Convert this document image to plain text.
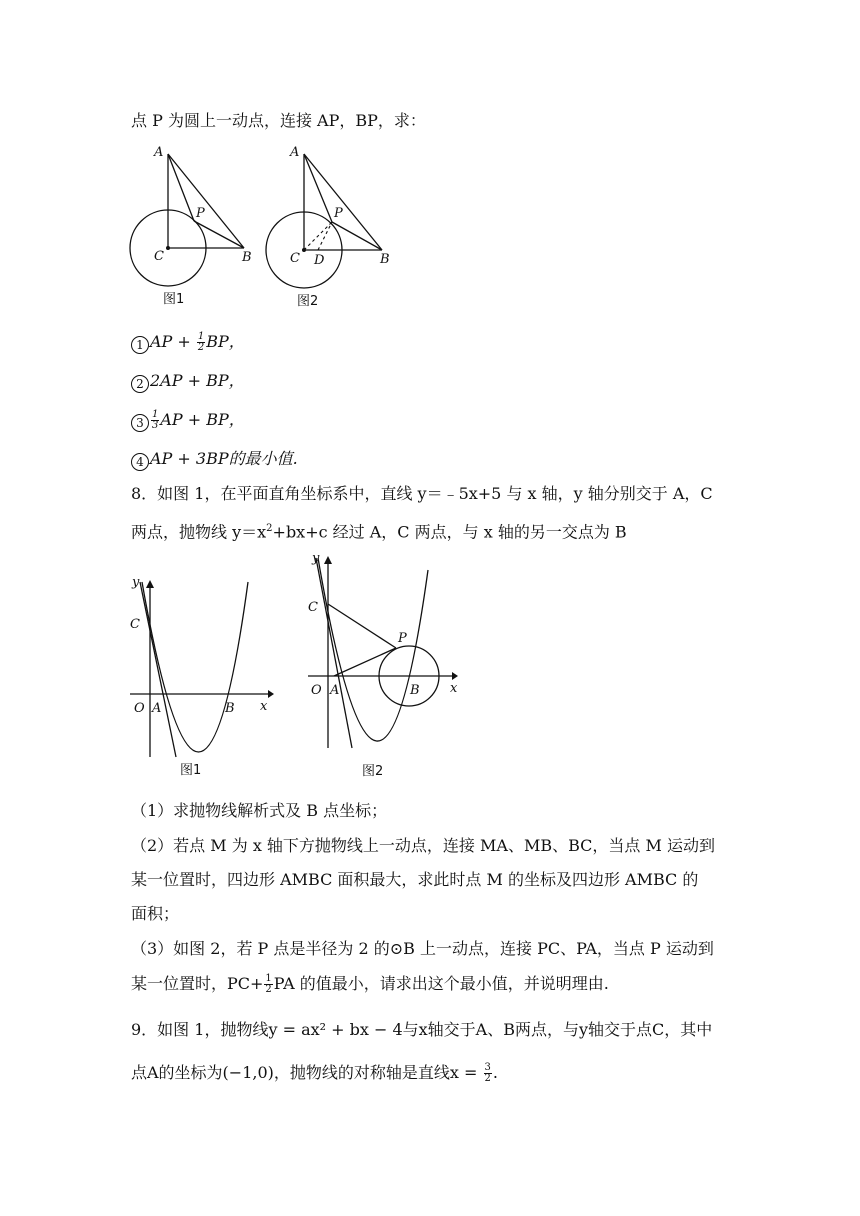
点 P 为圆上一动点，连接 AP，BP，求：
A
P
C	B
图1
A
P
C D	B
图2
1 AP + $\frac{1}{2}$ BP，
2 2AP + BP，
$3 \frac{1}{3}$ AP + BP，
4 AP + 3BP的最小值.
8．如图 1，在平面直角坐标系中，直线 y＝﹣5x+5 与 x 轴，y 轴分别交于 A，C
两点，抛物线 $y=x^2+bx+c$ 经过 A，C 两点，与 x 轴的另一交点为 B
y
C
O A	B x
图1
y
C
P
O A	B x
图2
（1）求抛物线解析式及 B 点坐标；
（2）若点 M 为 x 轴下方抛物线上一动点，连接 MA、MB、BC，当点 M 运动到
某一位置时，四边形 AMBC 面积最大，求此时点 M 的坐标及四边形 AMBC 的
面积；
（3）如图 2，若 P 点是半径为 2 的⊙B 上一动点，连接 PC、PA，当点 P 运动到
某一位置时，$PC+ \frac{1}{2}$ PA 的值最小，请求出这个最小值，并说明理由.
9．如图 1，抛物线y = ax² + bx − 4与x轴交于A、B两点，与y轴交于点C，其中
点A的坐标为(−1,0)，抛物线的对称轴是直线$x = \frac{3}{2}$ .
